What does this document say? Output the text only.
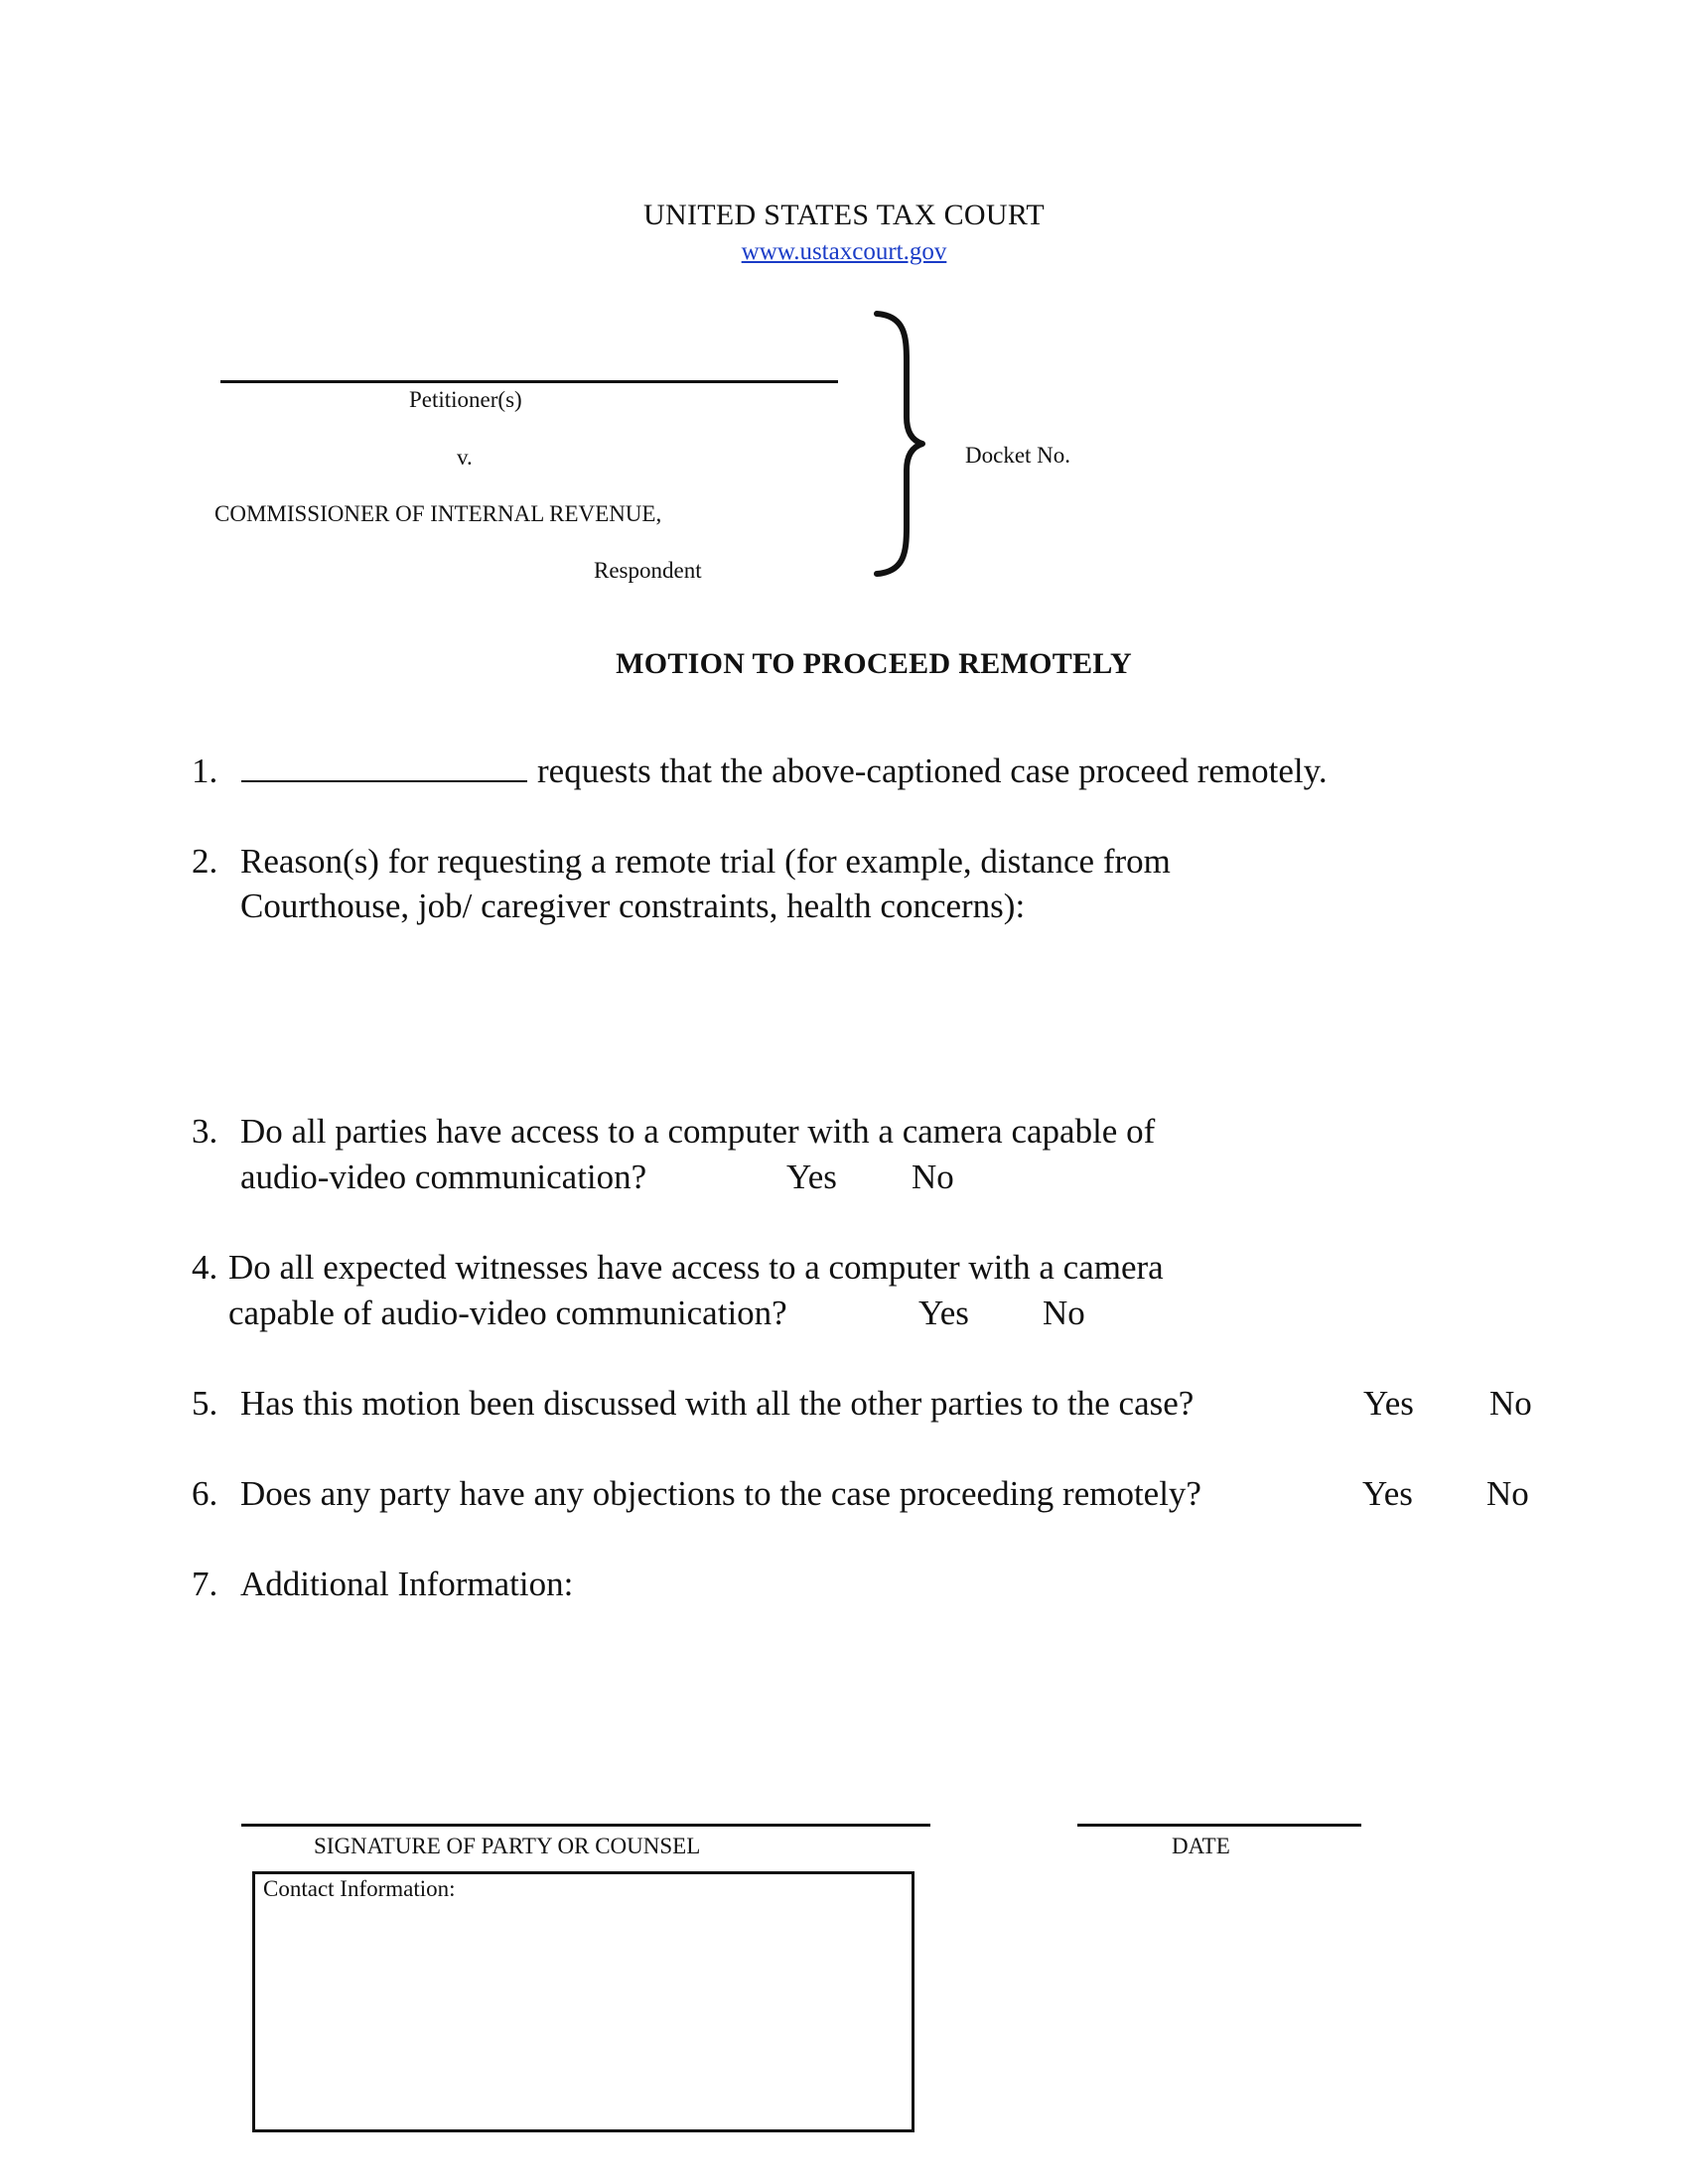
UNITED STATES TAX COURT
www.ustaxcourt.gov
Petitioner(s)
v.
COMMISSIONER OF INTERNAL REVENUE,
Respondent
Docket No.
MOTION TO PROCEED REMOTELY
1.	requests that the above-captioned case proceed remotely.
2. Reason(s) for requesting a remote trial (for example, distance from
Courthouse, job/ caregiver constraints, health concerns):
3. Do all parties have access to a computer with a camera capable of
audio-video communication?	Yes No
4. Do all expected witnesses have access to a computer with a camera
capable of audio-video communication?	Yes No
5. Has this motion been discussed with all the other parties to the case?	Yes No
6. Does any party have any objections to the case proceeding remotely?	Yes No
7. Additional Information:
SIGNATURE OF PARTY OR COUNSEL	DATE
Contact Information:
